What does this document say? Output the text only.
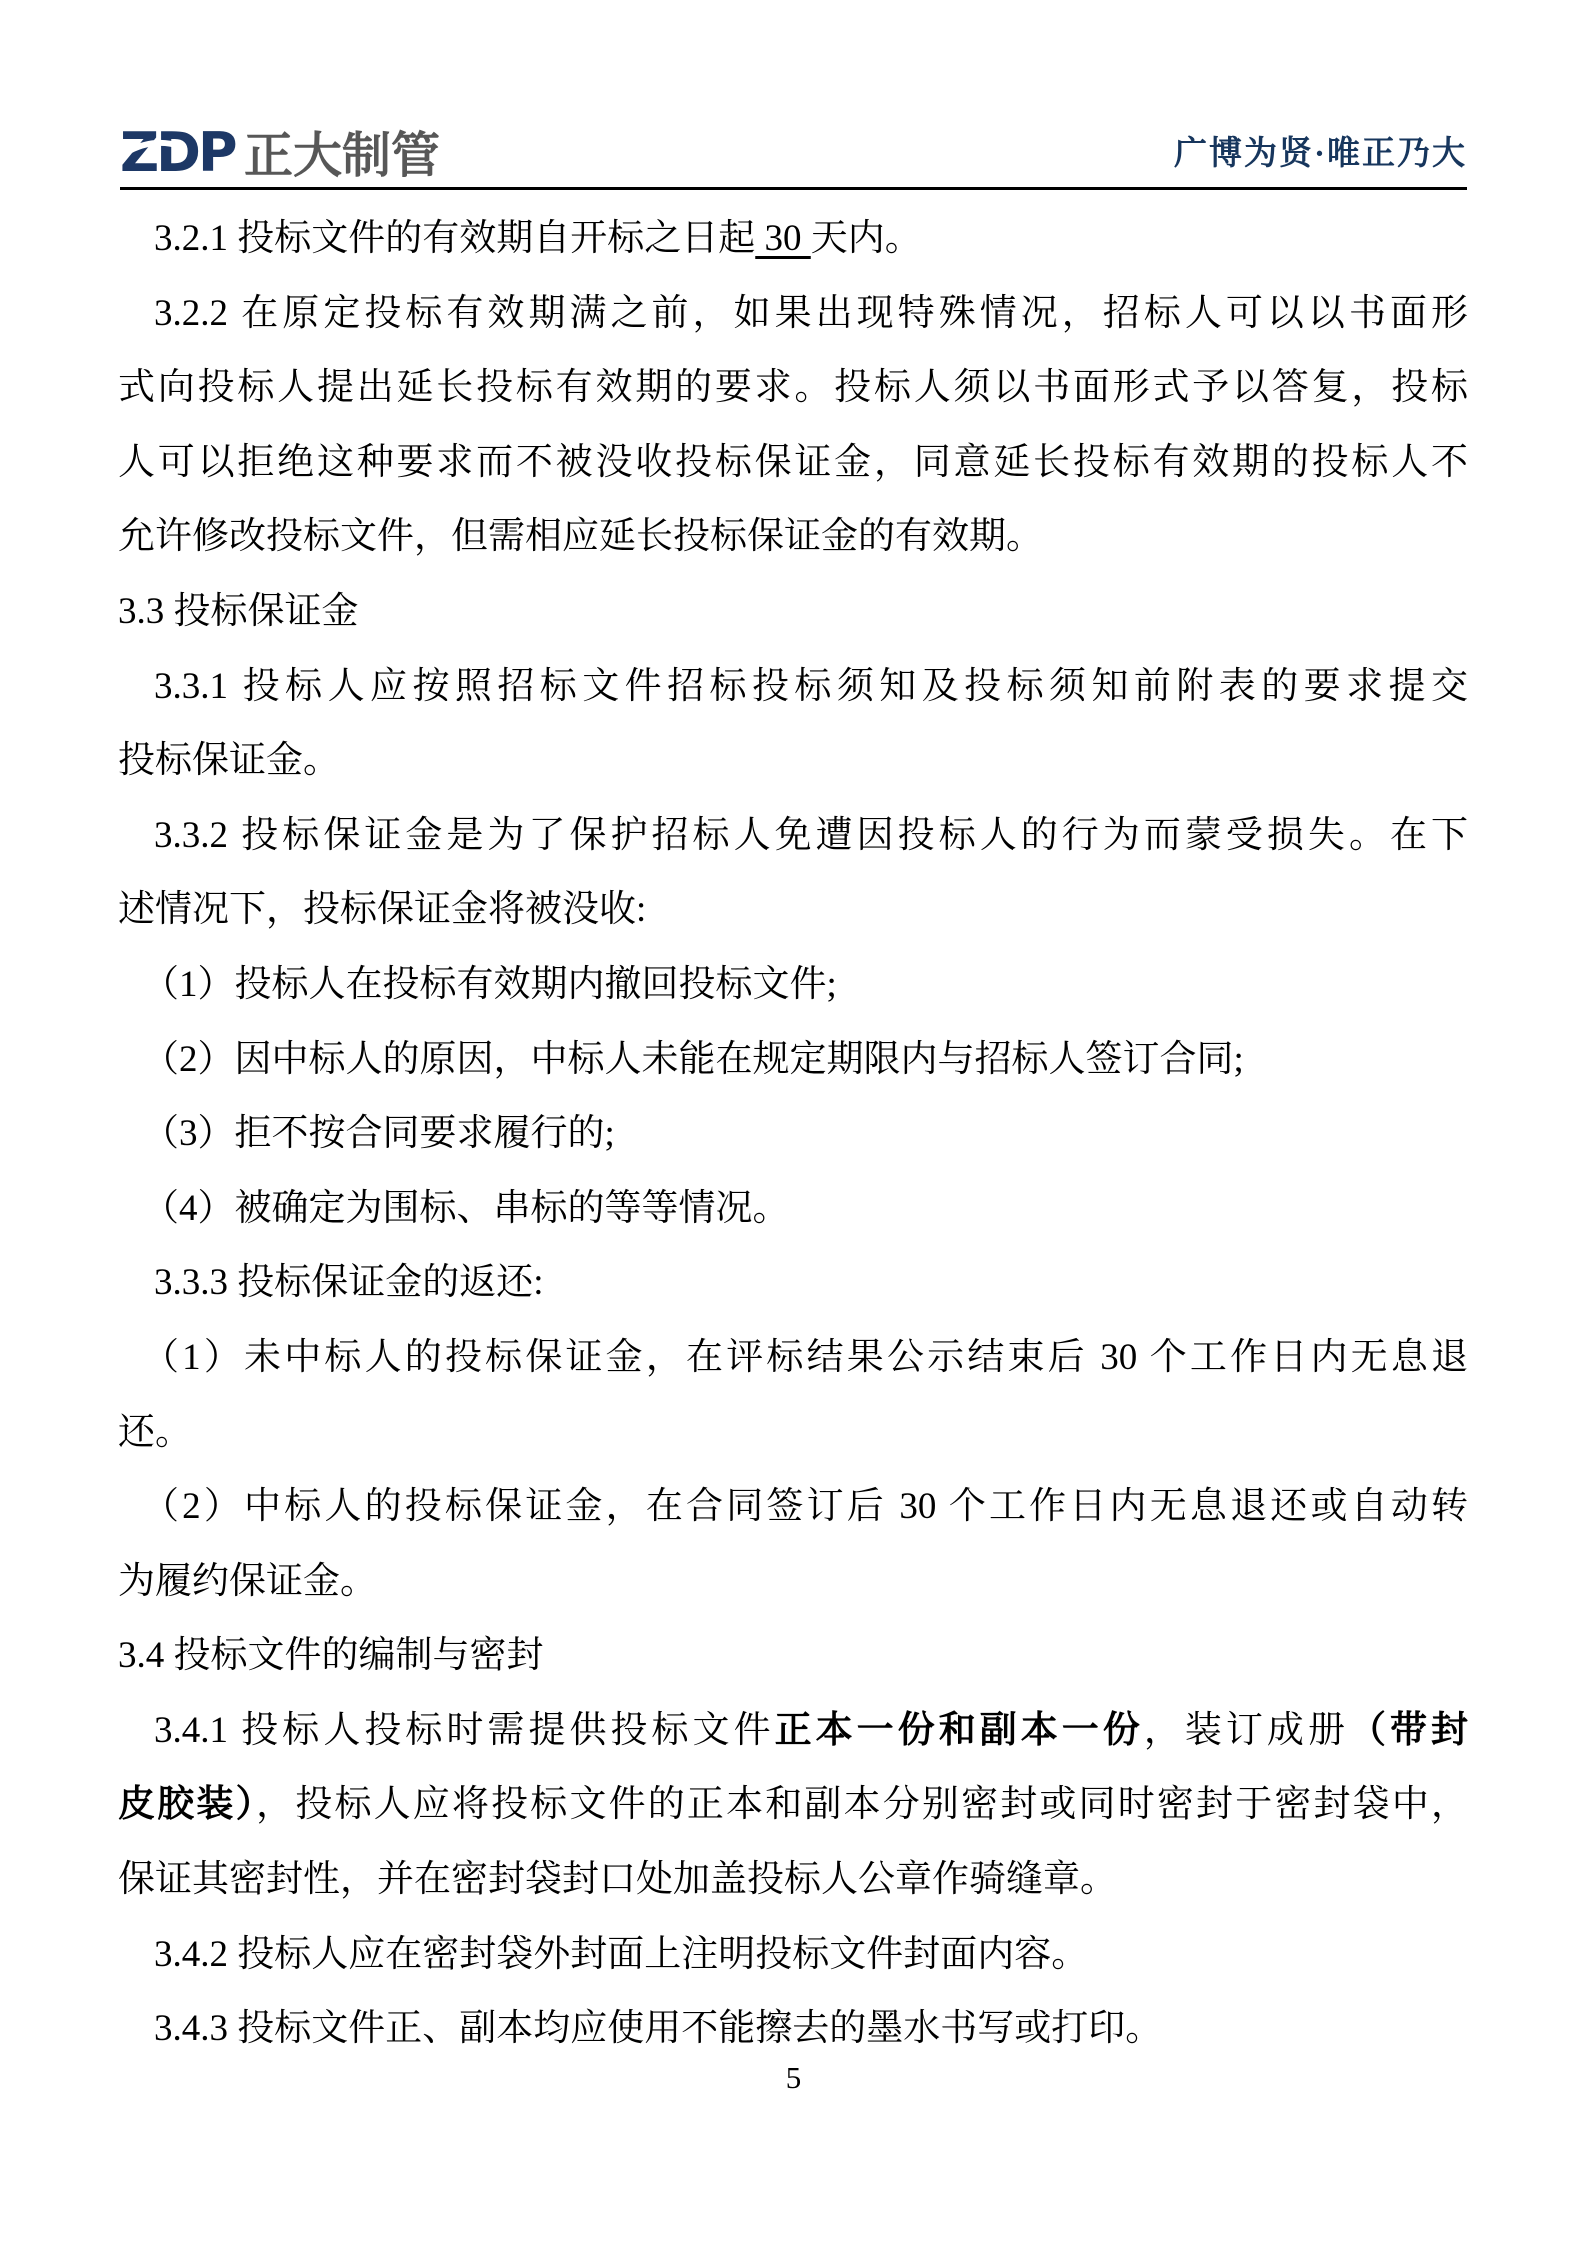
ZDP 正大制管	广博为贤·唯正乃大
3.2.1 投标文件的有效期自开标之日起 30 天内。
3.2.2 在原定投标有效期满之前，如果出现特殊情况，招标人可以以书面形
式向投标人提出延长投标有效期的要求。投标人须以书面形式予以答复，投标
人可以拒绝这种要求而不被没收投标保证金，同意延长投标有效期的投标人不
允许修改投标文件，但需相应延长投标保证金的有效期。
3.3 投标保证金
3.3.1 投标人应按照招标文件招标投标须知及投标须知前附表的要求提交
投标保证金。
3.3.2 投标保证金是为了保护招标人免遭因投标人的行为而蒙受损失。在下
述情况下，投标保证金将被没收:
（1）投标人在投标有效期内撤回投标文件;
（2）因中标人的原因，中标人未能在规定期限内与招标人签订合同;
（3）拒不按合同要求履行的;
（4）被确定为围标、串标的等等情况。
3.3.3 投标保证金的返还:
（1）未中标人的投标保证金，在评标结果公示结束后 30 个工作日内无息退
还。
（2）中标人的投标保证金，在合同签订后 30 个工作日内无息退还或自动转
为履约保证金。
3.4 投标文件的编制与密封
3.4.1 投标人投标时需提供投标文件正本一份和副本一份，装订成册（带封
皮胶装），投标人应将投标文件的正本和副本分别密封或同时密封于密封袋中，
保证其密封性，并在密封袋封口处加盖投标人公章作骑缝章。
3.4.2 投标人应在密封袋外封面上注明投标文件封面内容。
3.4.3 投标文件正、副本均应使用不能擦去的墨水书写或打印。
5
